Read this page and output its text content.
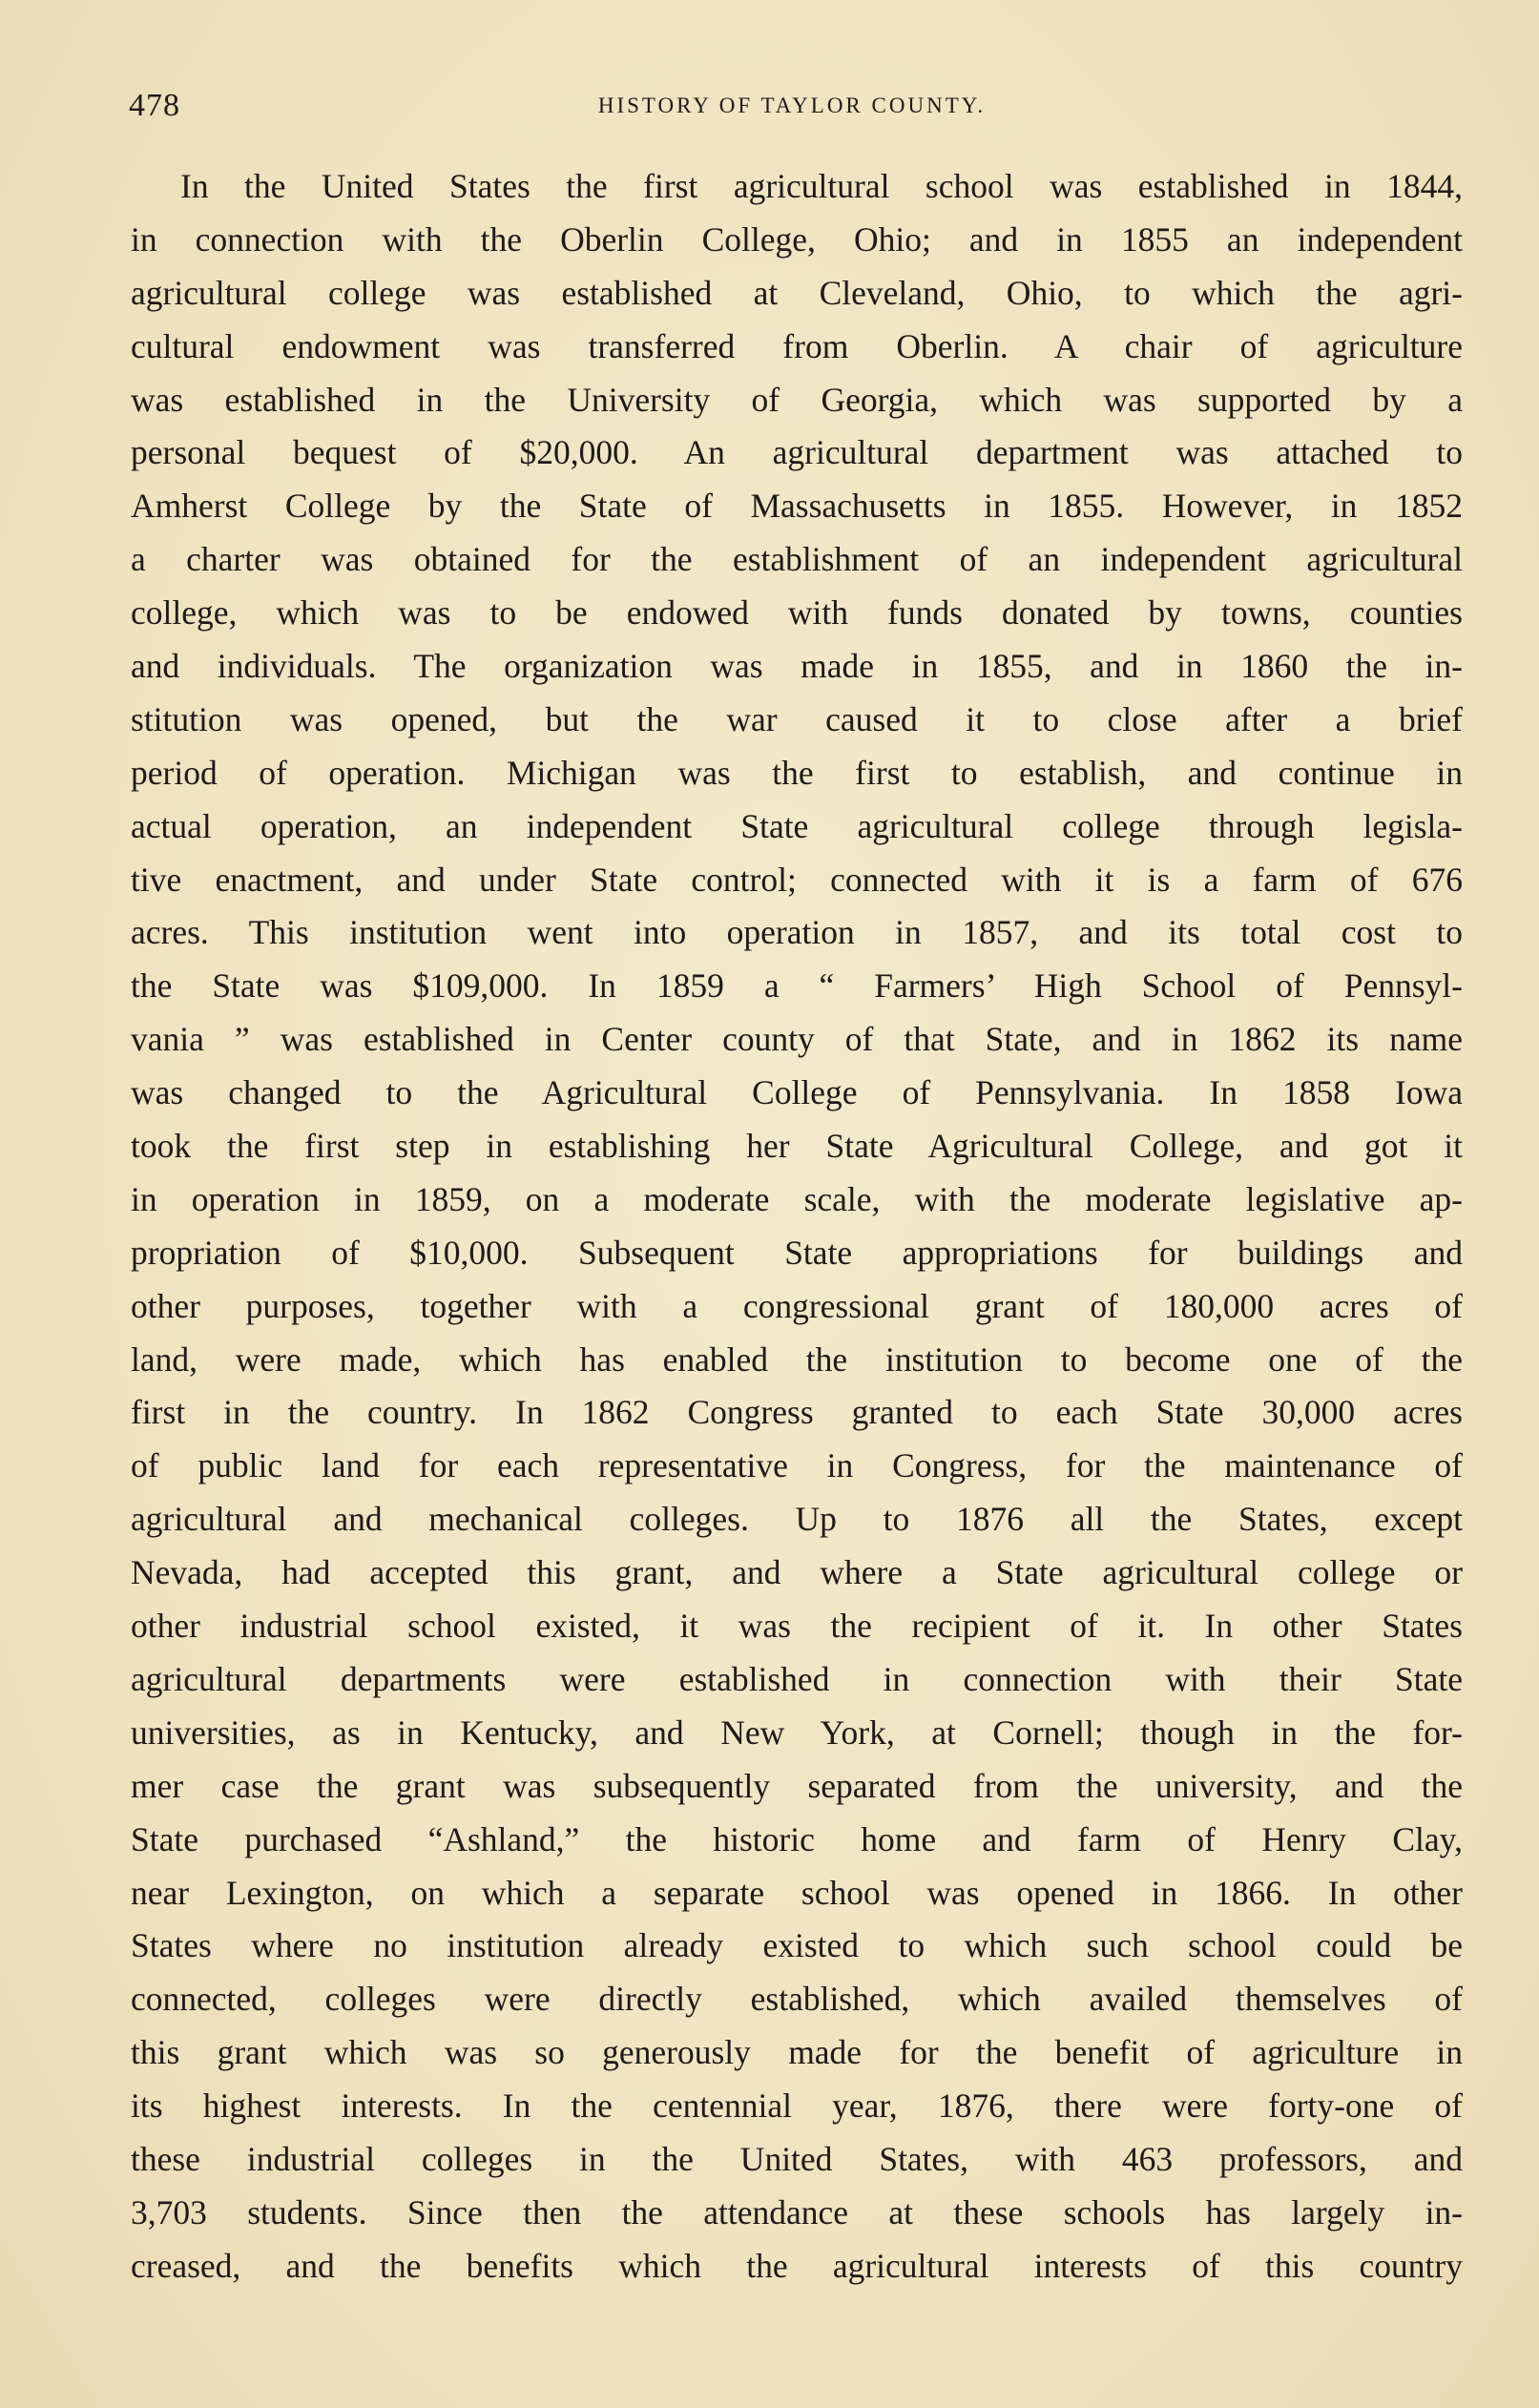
478	HISTORY OF TAYLOR COUNTY.
In the United States the first agricultural school was established in 1844,
in connection with the Oberlin College, Ohio; and in 1855 an independent
agricultural college was established at Cleveland, Ohio, to which the agri-
cultural endowment was transferred from Oberlin. A chair of agriculture
was established in the University of Georgia, which was supported by a
personal bequest of $20,000. An agricultural department was attached to
Amherst College by the State of Massachusetts in 1855. However, in 1852
a charter was obtained for the establishment of an independent agricultural
college, which was to be endowed with funds donated by towns, counties
and individuals. The organization was made in 1855, and in 1860 the in-
stitution was opened, but the war caused it to close after a brief
period of operation. Michigan was the first to establish, and continue in
actual operation, an independent State agricultural college through legisla-
tive enactment, and under State control; connected with it is a farm of 676
acres. This institution went into operation in 1857, and its total cost to
the State was $109,000. In 1859 a “ Farmers’ High School of Pennsyl-
vania ” was established in Center county of that State, and in 1862 its name
was changed to the Agricultural College of Pennsylvania. In 1858 Iowa
took the first step in establishing her State Agricultural College, and got it
in operation in 1859, on a moderate scale, with the moderate legislative ap-
propriation of $10,000. Subsequent State appropriations for buildings and
other purposes, together with a congressional grant of 180,000 acres of
land, were made, which has enabled the institution to become one of the
first in the country. In 1862 Congress granted to each State 30,000 acres
of public land for each representative in Congress, for the maintenance of
agricultural and mechanical colleges. Up to 1876 all the States, except
Nevada, had accepted this grant, and where a State agricultural college or
other industrial school existed, it was the recipient of it. In other States
agricultural departments were established in connection with their State
universities, as in Kentucky, and New York, at Cornell; though in the for-
mer case the grant was subsequently separated from the university, and the
State purchased “Ashland,” the historic home and farm of Henry Clay,
near Lexington, on which a separate school was opened in 1866. In other
States where no institution already existed to which such school could be
connected, colleges were directly established, which availed themselves of
this grant which was so generously made for the benefit of agriculture in
its highest interests. In the centennial year, 1876, there were forty-one of
these industrial colleges in the United States, with 463 professors, and
3,703 students. Since then the attendance at these schools has largely in-
creased, and the benefits which the agricultural interests of this country
